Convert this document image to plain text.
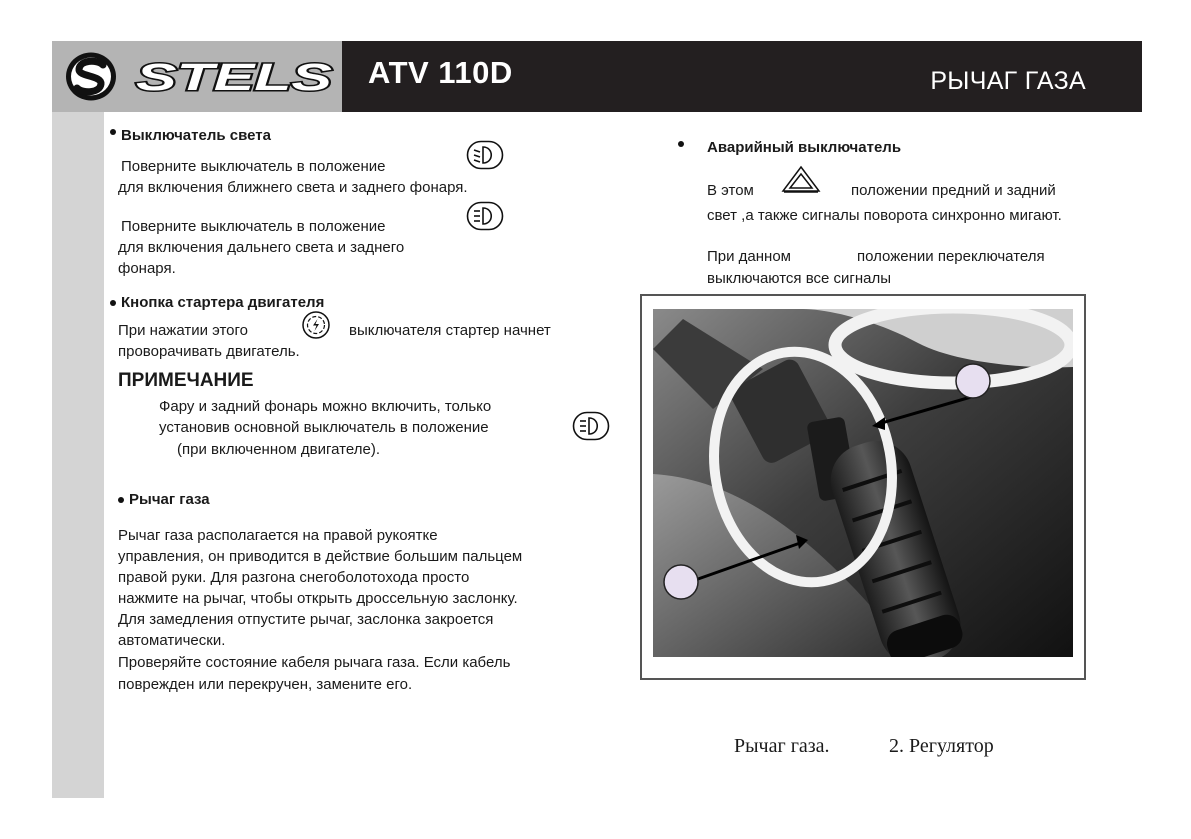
STELS ATV 110D	РЫЧАГ ГАЗА

Выключатель света

Поверните выключатель в положение

для включения ближнего света и заднего фонаря.

Поверните выключатель в положение

для включения дальнего света и заднего

фонаря.

Кнопка стартера двигателя

При нажатии этого	выключателя стартер начнет

проворачивать двигатель.

ПРИМЕЧАНИЕ

Фару и задний фонарь можно включить, только

установив основной выключатель в положение

(при включенном двигателе).

Рычаг газа

Рычаг газа располагается на правой рукоятке

управления, он приводится в действие большим пальцем

правой руки. Для разгона снегоболотохода просто

нажмите на рычаг, чтобы открыть дроссельную заслонку.

Для замедления отпустите рычаг, заслонка закроется

автоматически.

Проверяйте состояние кабеля рычага газа. Если кабель

поврежден или перекручен, замените его.

Аварийный выключатель

В этом	положении предний и задний

свет ,а также сигналы поворота синхронно мигают.

При данном	положении переключателя

выключаются все сигналы

Рычаг газа.	2. Регулятор
